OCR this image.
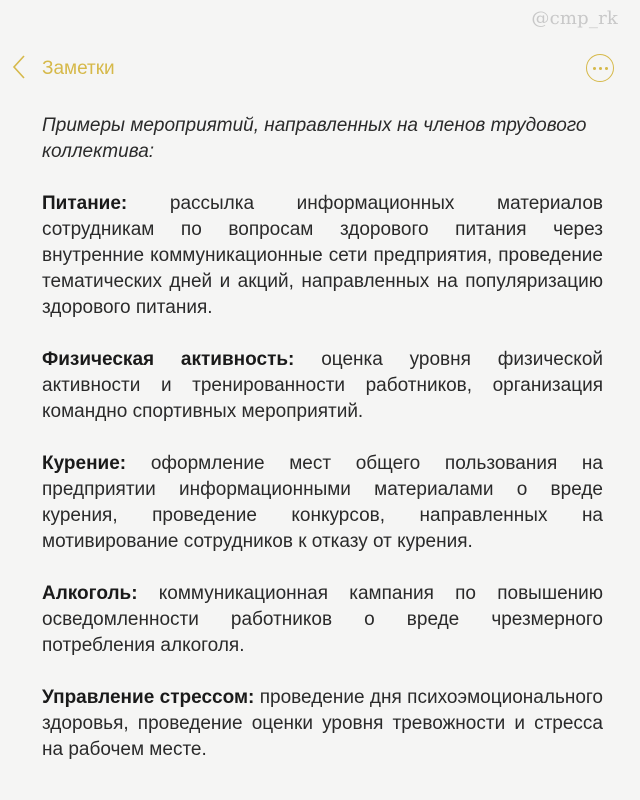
@cmp_rk
Заметки

Примеры мероприятий, направленных на членов трудового коллектива:

Питание: рассылка информационных материалов сотрудникам по вопросам здорового питания через внутренние коммуникационные сети предприятия, проведение тематических дней и акций, направленных на популяризацию здорового питания.

Физическая активность: оценка уровня физической активности и тренированности работников, организация командно спортивных мероприятий.

Курение: оформление мест общего пользования на предприятии информационными материалами о вреде курения, проведение конкурсов, направленных на мотивирование сотрудников к отказу от курения.

Алкоголь: коммуникационная кампания по повышению осведомленности работников о вреде чрезмерного потребления алкоголя.

Управление стрессом: проведение дня психоэмоционального здоровья, проведение оценки уровня тревожности и стресса на рабочем месте.
